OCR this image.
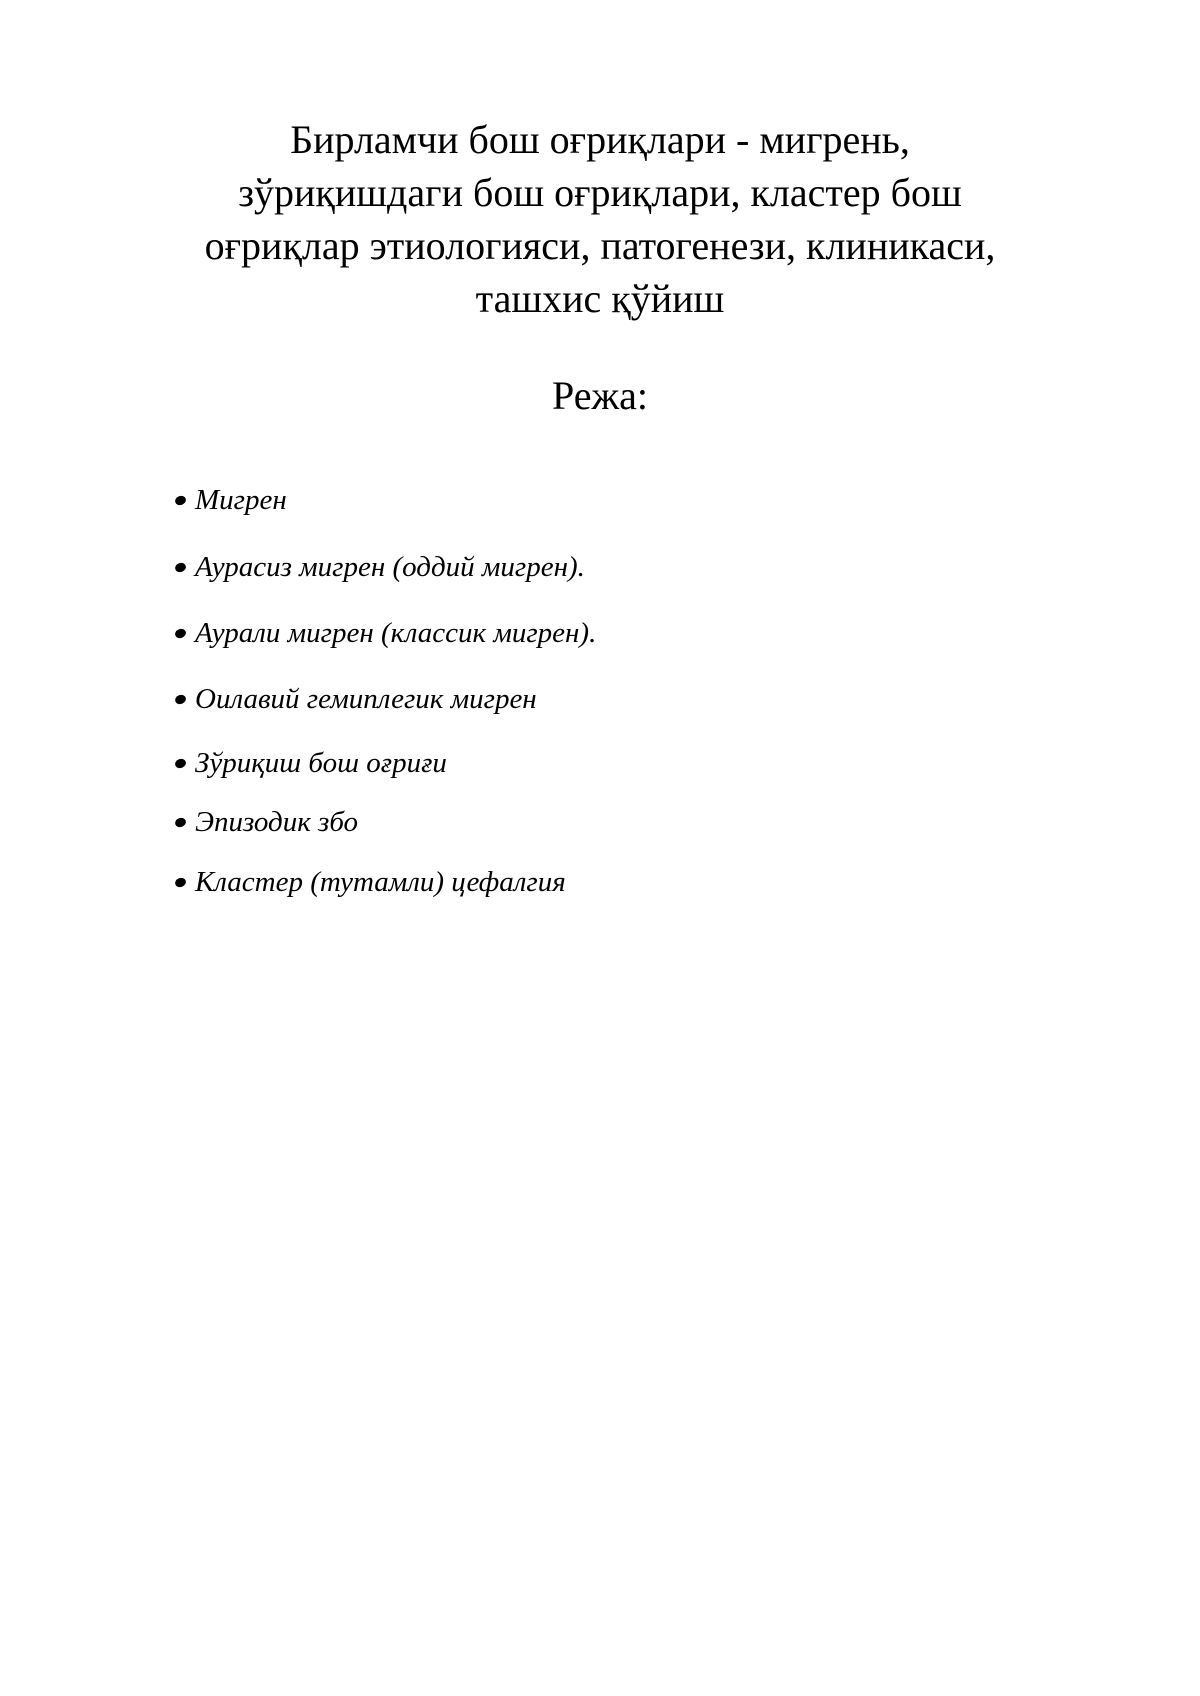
Бирламчи бош оғриқлари - мигрень,
зўриқишдаги бош оғриқлари, кластер бош
оғриқлар этиологияси, патогенези, клиникаси,
ташхис қўйиш
Режа:
Мигрен
Аурасиз мигрен (оддий мигрен).
Аурали мигрен (классик мигрен).
Оилавий гемиплегик мигрен
Зўриқиш бош оғриғи
Эпизодик збо
Кластер (тутамли) цефалгия
